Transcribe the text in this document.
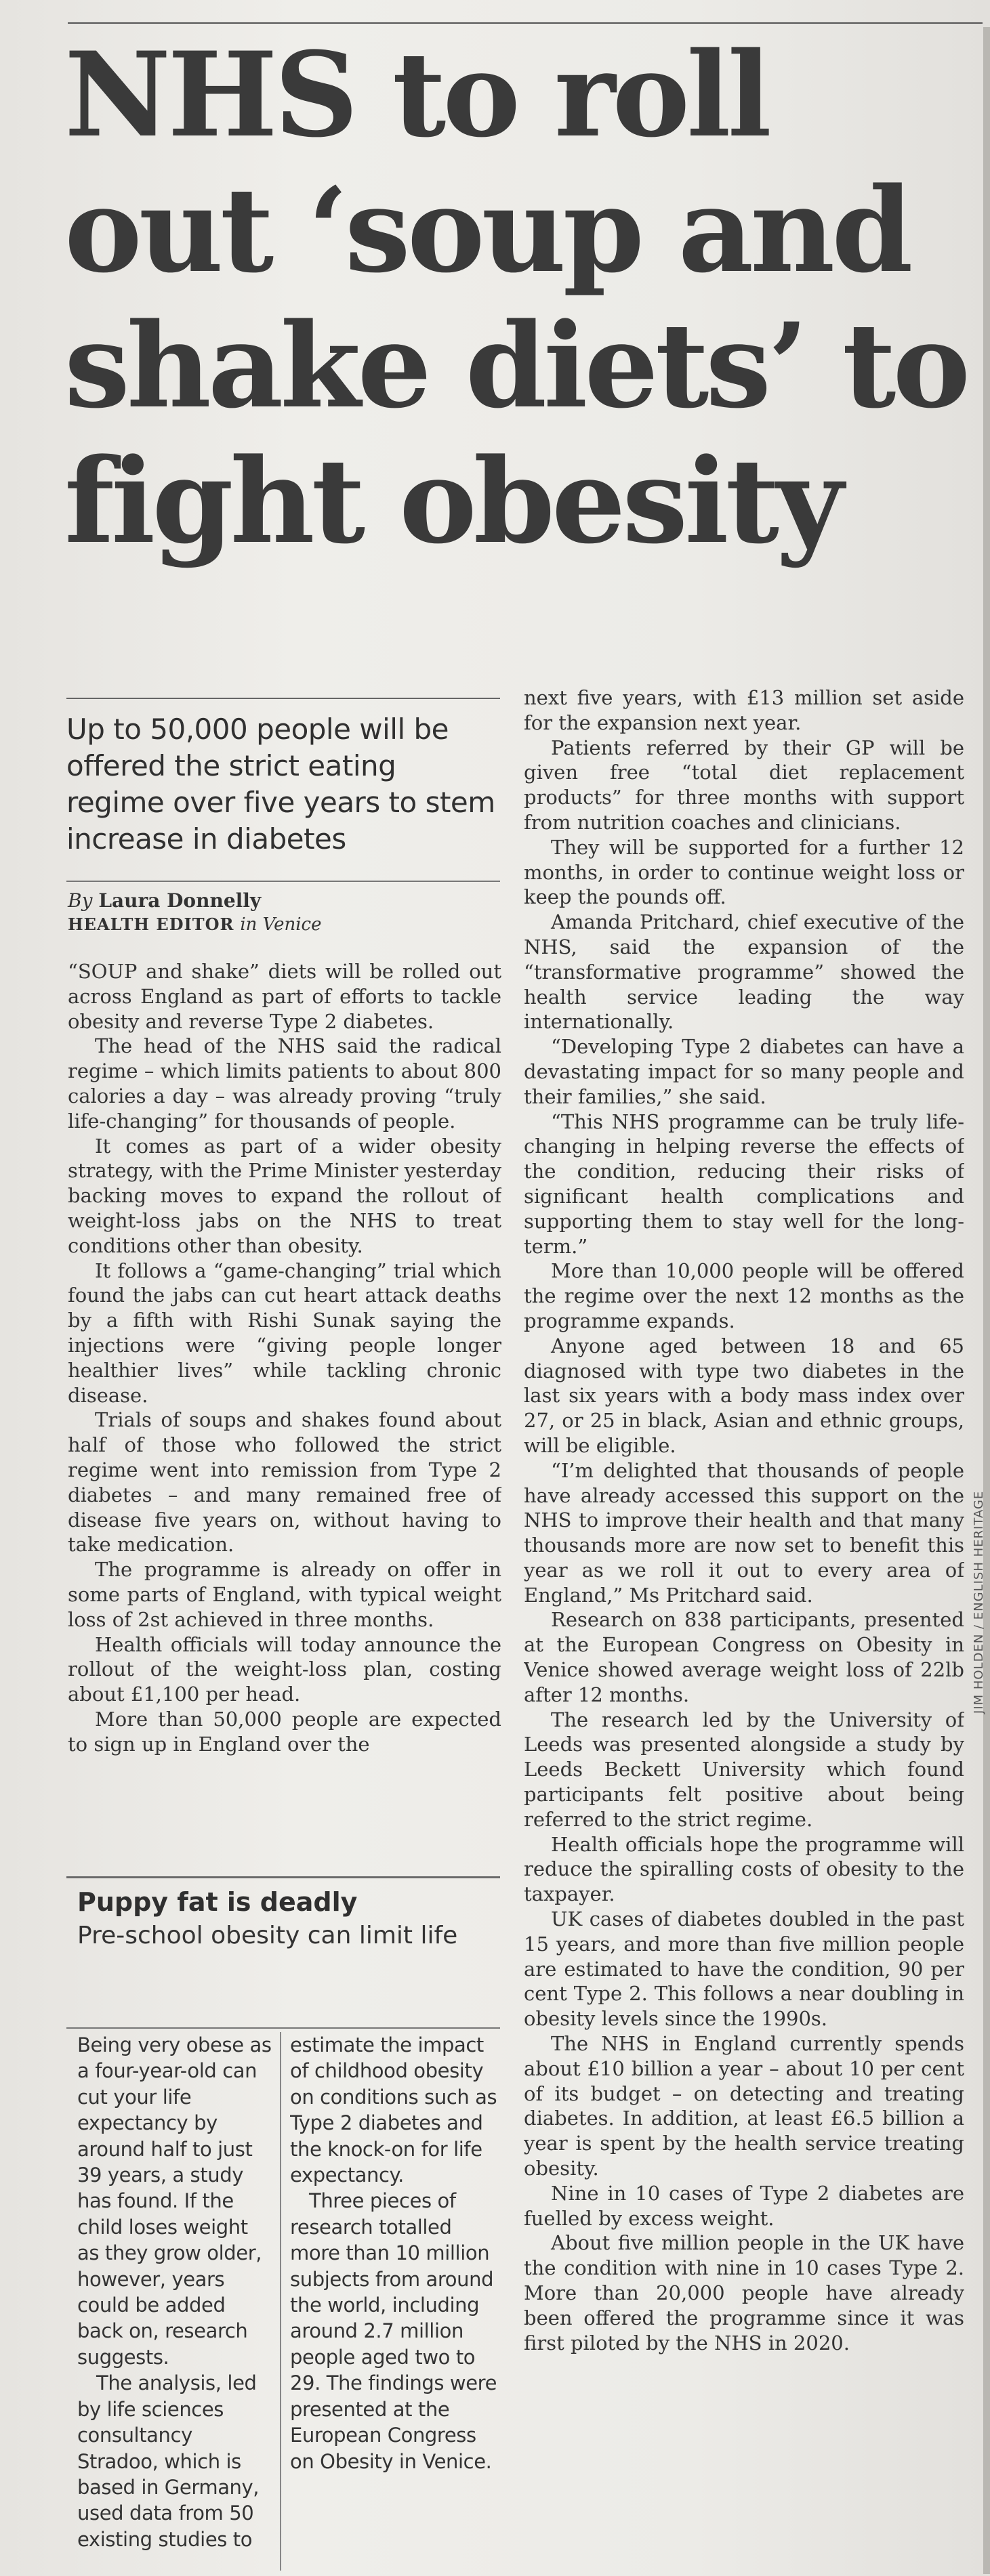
NHS to roll
out ‘soup and
shake diets’ to
fight obesity
Up to 50,000 people will be offered the strict eating regime over five years to stem increase in diabetes
By Laura Donnelly
HEALTH EDITOR in Venice

“SOUP and shake” diets will be rolled out across England as part of efforts to tackle obesity and reverse Type 2 diabetes.

The head of the NHS said the radical regime – which limits patients to about 800 calories a day – was already proving “truly life-changing” for thousands of people.

It comes as part of a wider obesity strategy, with the Prime Minister yesterday backing moves to expand the rollout of weight-loss jabs on the NHS to treat conditions other than obesity.

It follows a “game-changing” trial which found the jabs can cut heart attack deaths by a fifth with Rishi Sunak saying the injections were “giving people longer healthier lives” while tackling chronic disease.

Trials of soups and shakes found about half of those who followed the strict regime went into remission from Type 2 diabetes – and many remained free of disease five years on, without having to take medication.

The programme is already on offer in some parts of England, with typical weight loss of 2st achieved in three months.

Health officials will today announce the rollout of the weight-loss plan, costing about £1,100 per head.

More than 50,000 people are expected to sign up in England over the

next five years, with £13 million set aside for the expansion next year.

Patients referred by their GP will be given free “total diet replacement products” for three months with support from nutrition coaches and clinicians.

They will be supported for a further 12 months, in order to continue weight loss or keep the pounds off.

Amanda Pritchard, chief executive of the NHS, said the expansion of the “transformative programme” showed the health service leading the way internationally.

“Developing Type 2 diabetes can have a devastating impact for so many people and their families,” she said.

“This NHS programme can be truly life-changing in helping reverse the effects of the condition, reducing their risks of significant health complications and supporting them to stay well for the long-term.”

More than 10,000 people will be offered the regime over the next 12 months as the programme expands.

Anyone aged between 18 and 65 diagnosed with type two diabetes in the last six years with a body mass index over 27, or 25 in black, Asian and ethnic groups, will be eligible.

“I’m delighted that thousands of people have already accessed this support on the NHS to improve their health and that many thousands more are now set to benefit this year as we roll it out to every area of England,” Ms Pritchard said.

Research on 838 participants, presented at the European Congress on Obesity in Venice showed average weight loss of 22lb after 12 months.

The research led by the University of Leeds was presented alongside a study by Leeds Beckett University which found participants felt positive about being referred to the strict regime.

Health officials hope the programme will reduce the spiralling costs of obesity to the taxpayer.

UK cases of diabetes doubled in the past 15 years, and more than five million people are estimated to have the condition, 90 per cent Type 2. This follows a near doubling in obesity levels since the 1990s.

The NHS in England currently spends about £10 billion a year – about 10 per cent of its budget – on detecting and treating diabetes. In addition, at least £6.5 billion a year is spent by the health service treating obesity.

Nine in 10 cases of Type 2 diabetes are fuelled by excess weight.

About five million people in the UK have the condition with nine in 10 cases Type 2. More than 20,000 people have already been offered the programme since it was first piloted by the NHS in 2020.

JIM HOLDEN / ENGLISH HERITAGE
Puppy fat is deadly
Pre-school obesity can limit life

Being very obese as a four-year-old can cut your life expectancy by around half to just 39 years, a study has found. If the child loses weight as they grow older, however, years could be added back on, research suggests.

The analysis, led by life sciences consultancy Stradoo, which is based in Germany, used data from 50 existing studies to

estimate the impact of childhood obesity on conditions such as Type 2 diabetes and the knock-on for life expectancy.

Three pieces of research totalled more than 10 million subjects from around the world, including around 2.7 million people aged two to 29. The findings were presented at the European Congress on Obesity in Venice.
